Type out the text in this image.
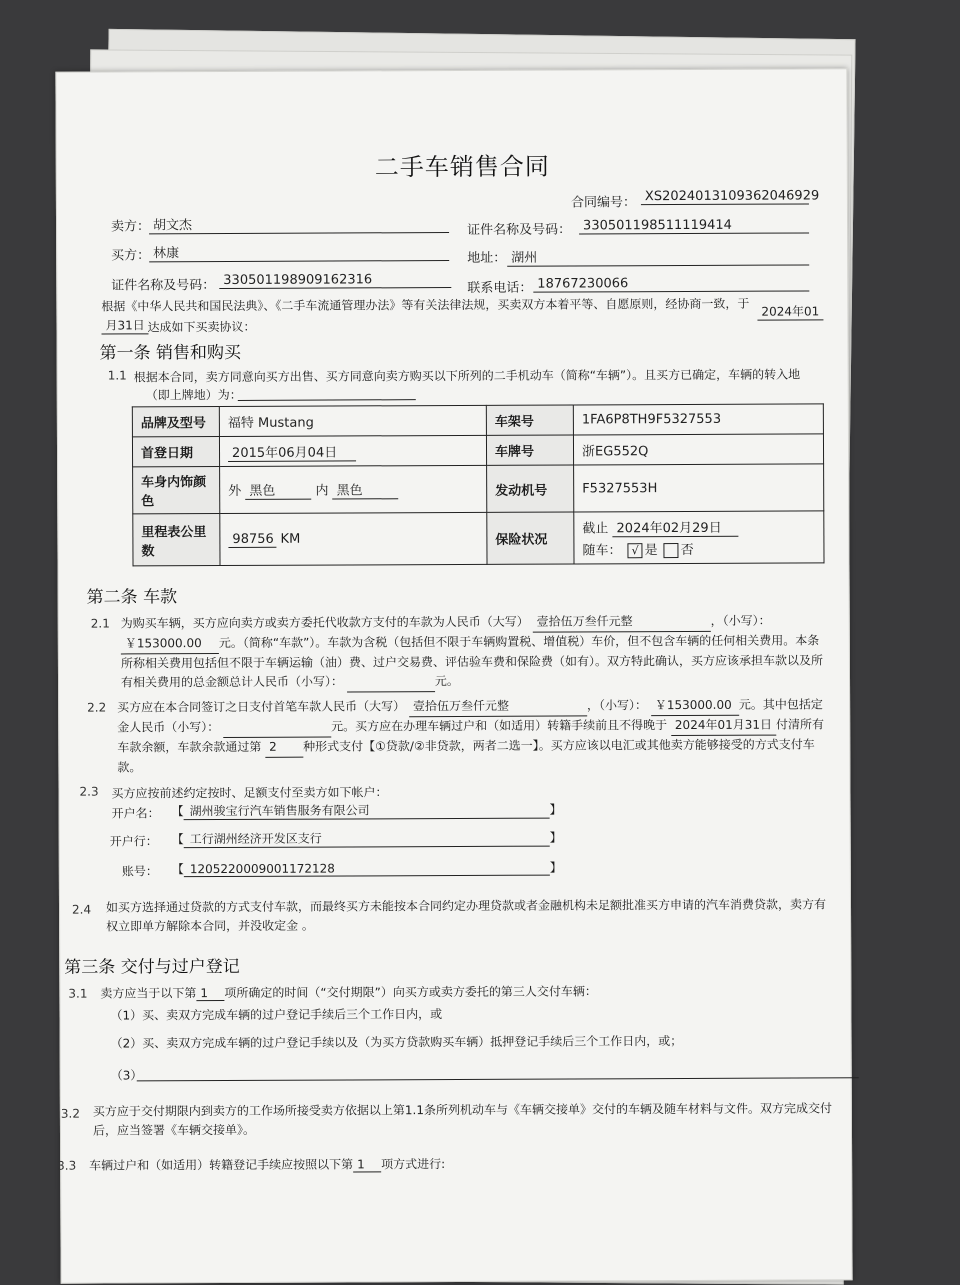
二手车销售合同
合同编号： XS2024013109362046929
卖方： 胡文杰	证件名称及号码： 330501198511119414
买方： 林康	地址： 湖州
证件名称及号码： 330501198909162316
联系电话： 18767230066
根据《中华人民共和国民法典》、《二手车流通管理办法》等有关法律法规，买卖双方本着平等、自愿原则，经协商一致，于 2024年01
月31日 达成如下买卖协议：
第一条 销售和购买
1.1 根据本合同，卖方同意向买方出售、买方同意向卖方购买以下所列的二手机动车（简称“车辆”）。且买方已确定，车辆的转入地
（即上牌地）为：
品牌及型号	福特 Mustang	车架号	1FA6P8TH9F5327553
首登日期	2015年06月04日	车牌号	浙EG552Q
车身内饰颜色	外 黑色 内 黑色	发动机号	F5327553H
里程表公里数	98756 KM	保险状况	截止 2024年02月29日
随车： √ 是 否
第二条 车款
2.1 为购买车辆，买方应向卖方或卖方委托代收款方支付的车款为人民币（大写） 壹拾伍万叁仟元整	，（小写）： ￥153000.00 元。（简称“车款”）。车款为含税（包括但不限于车辆购置税、增值税）车价，但不包含车辆的任何相关费用。本条所称相关费用包括但不限于车辆运输（油）费、过户交易费、评估验车费和保险费（如有）。双方特此确认，买方应该承担车款以及所有相关费用的总金额总计人民币（小写）：	元。
2.2 买方应在本合同签订之日支付首笔车款人民币（大写） 壹拾伍万叁仟元整	，（小写）： ￥153000.00 元。其中包括定金人民币（小写）：	元。买方应在办理车辆过户和（如适用）转籍手续前且不得晚于 2024年01月31日 付清所有车款余额，车款余款通过第 2 种形式支付【①贷款/②非贷款，两者二选一】。买方应该以电汇或其他卖方能够接受的方式支付车款。
2.3 买方应按前述约定按时、足额支付至卖方如下帐户：
开户名： 【 湖州骏宝行汽车销售服务有限公司	】
开户行： 【 工行湖州经济开发区支行	】
账号： 【 1205220009001172128	】
2.4 如买方选择通过贷款的方式支付车款，而最终买方未能按本合同约定办理贷款或者金融机构未足额批准买方申请的汽车消费贷款，卖方有权立即单方解除本合同，并没收定金 。
第三条 交付与过户登记
3.1 卖方应当于以下第 1 项所确定的时间（“交付期限”）向买方或卖方委托的第三人交付车辆：
（1）买、卖双方完成车辆的过户登记手续后三个工作日内，或
（2）买、卖双方完成车辆的过户登记手续以及（为买方贷款购买车辆）抵押登记手续后三个工作日内，或；
（3）
3.2 买方应于交付期限内到卖方的工作场所接受卖方依据以上第1.1条所列机动车与《车辆交接单》交付的车辆及随车材料与文件。双方完成交付后，应当签署《车辆交接单》。
3.3 车辆过户和（如适用）转籍登记手续应按照以下第 1 项方式进行:
